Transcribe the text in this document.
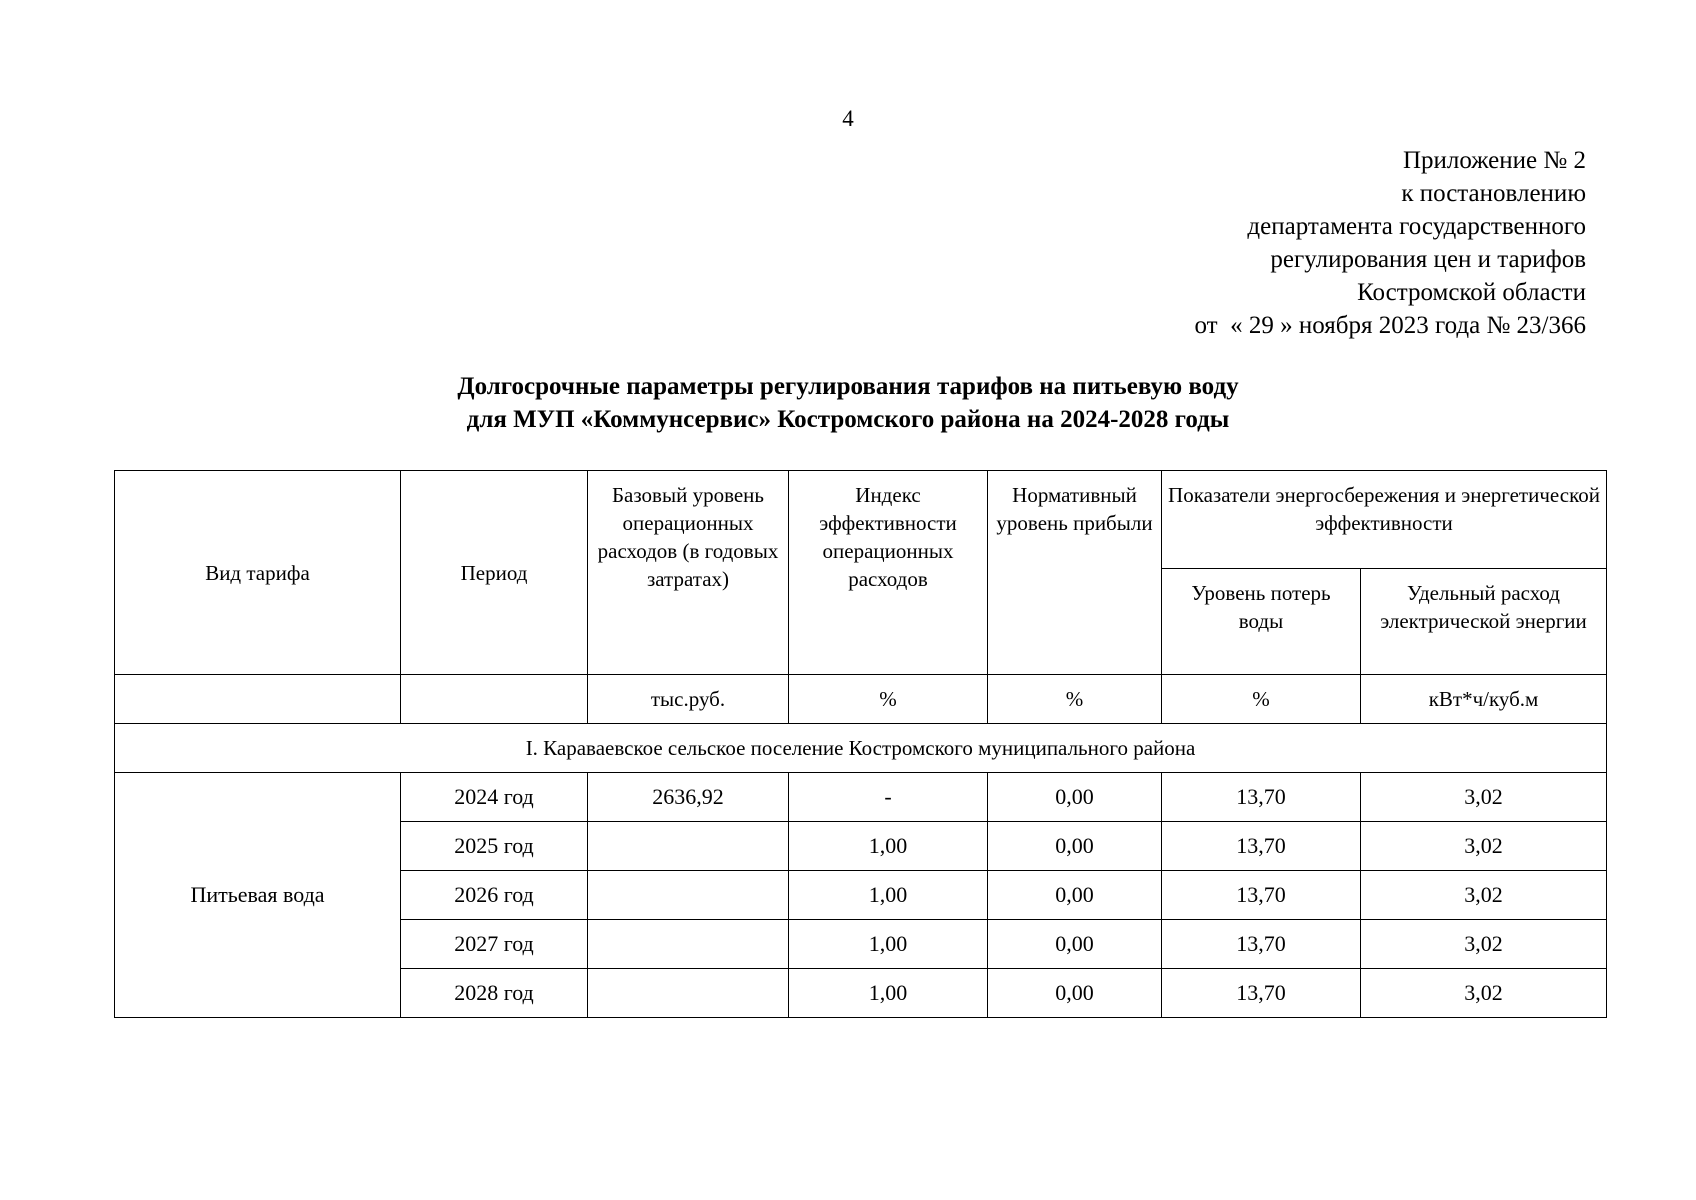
4
Приложение № 2
к постановлению
департамента государственного
регулирования цен и тарифов
Костромской области
от  « 29 » ноября 2023 года № 23/366
Долгосрочные параметры регулирования тарифов на питьевую воду
для МУП «Коммунсервис» Костромского района на 2024-2028 годы
Вид тарифа	Период	Базовый уровень операционных расходов (в годовых затратах)	Индекс эффективности операционных расходов	Нормативный уровень прибыли	Показатели энергосбережения и энергетической эффективности	
					Уровень потерь воды	Удельный расход электрической энергии
		тыс.руб.	%	%	%	кВт*ч/куб.м
I. Караваевское сельское поселение Костромского муниципального района						
Питьевая вода	2024 год	2636,92	-	0,00	13,70	3,02
	2025 год		1,00	0,00	13,70	3,02
	2026 год		1,00	0,00	13,70	3,02
	2027 год		1,00	0,00	13,70	3,02
	2028 год		1,00	0,00	13,70	3,02
